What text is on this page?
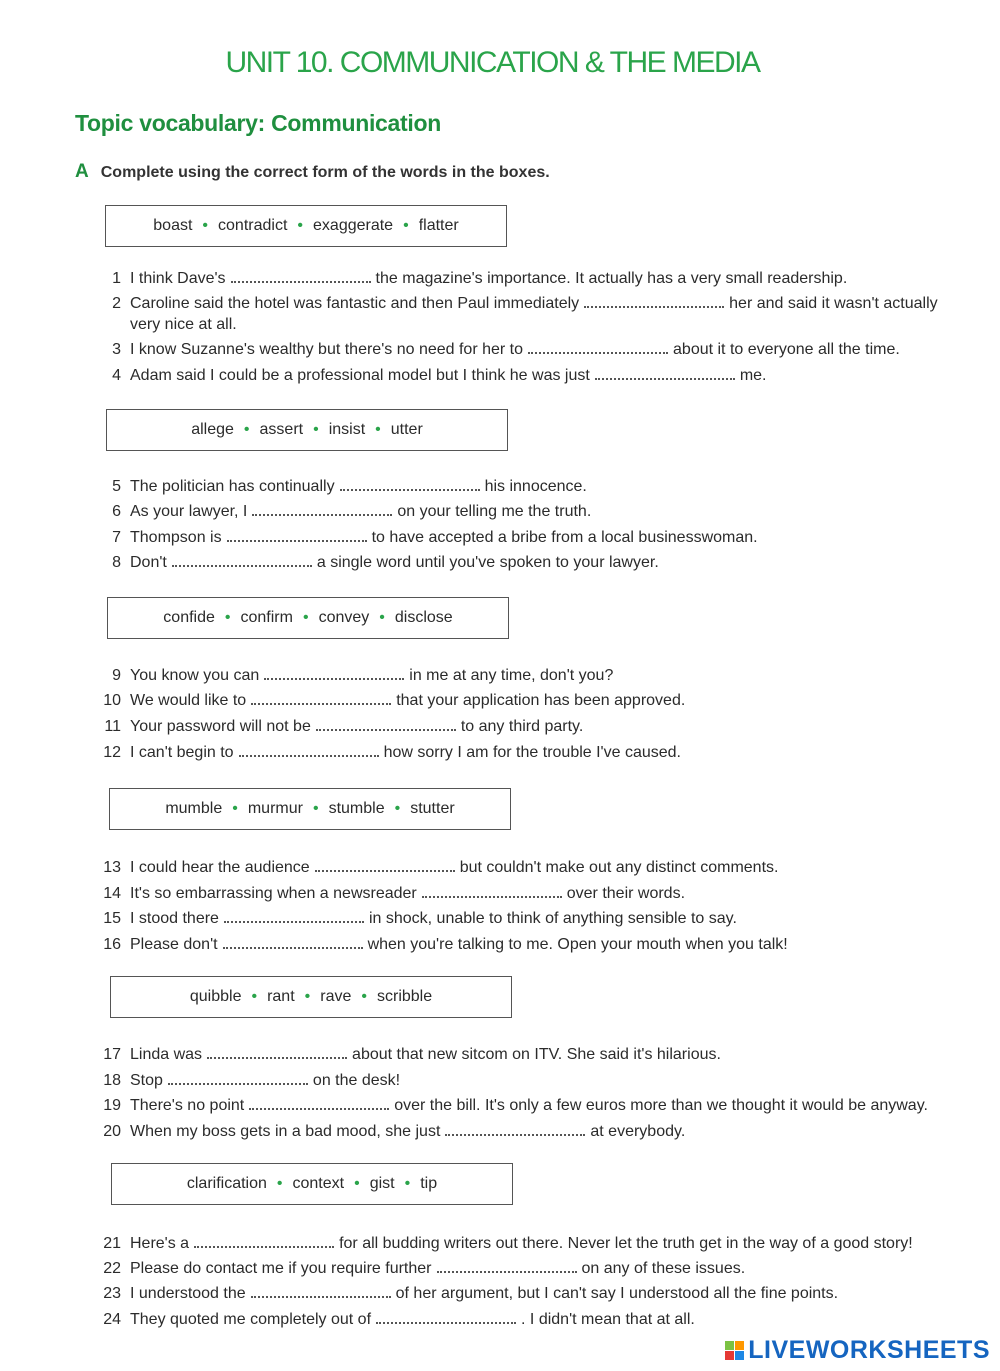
UNIT 10. COMMUNICATION & THE MEDIA
Topic vocabulary: Communication
A Complete using the correct form of the words in the boxes.
boast • contradict • exaggerate • flatter
allege • assert • insist • utter
confide • confirm • convey • disclose
mumble • murmur • stumble • stutter
quibble • rant • rave • scribble
clarification • context • gist • tip
1 I think Dave's	the magazine's importance. It actually has a very small readership.
2 Caroline said the hotel was fantastic and then Paul immediately	her and said it wasn't actually very nice at all.
3 I know Suzanne's wealthy but there's no need for her to	about it to everyone all the time.
4 Adam said I could be a professional model but I think he was just	me.
5 The politician has continually	his innocence.
6 As your lawyer, I	on your telling me the truth.
7 Thompson is	to have accepted a bribe from a local businesswoman.
8 Don't	a single word until you've spoken to your lawyer.
9 You know you can	in me at any time, don't you?
10 We would like to	that your application has been approved.
11 Your password will not be	to any third party.
12 I can't begin to	how sorry I am for the trouble I've caused.
13 I could hear the audience	but couldn't make out any distinct comments.
14 It's so embarrassing when a newsreader	over their words.
15 I stood there	in shock, unable to think of anything sensible to say.
16 Please don't	when you're talking to me. Open your mouth when you talk!
17 Linda was	about that new sitcom on ITV. She said it's hilarious.
18 Stop	on the desk!
19 There's no point	over the bill. It's only a few euros more than we thought it would be anyway.
20 When my boss gets in a bad mood, she just	at everybody.
21 Here's a	for all budding writers out there. Never let the truth get in the way of a good story!
22 Please do contact me if you require further	on any of these issues.
23 I understood the	of her argument, but I can't say I understood all the fine points.
24 They quoted me completely out of	. I didn't mean that at all.
LIVEWORKSHEETS
